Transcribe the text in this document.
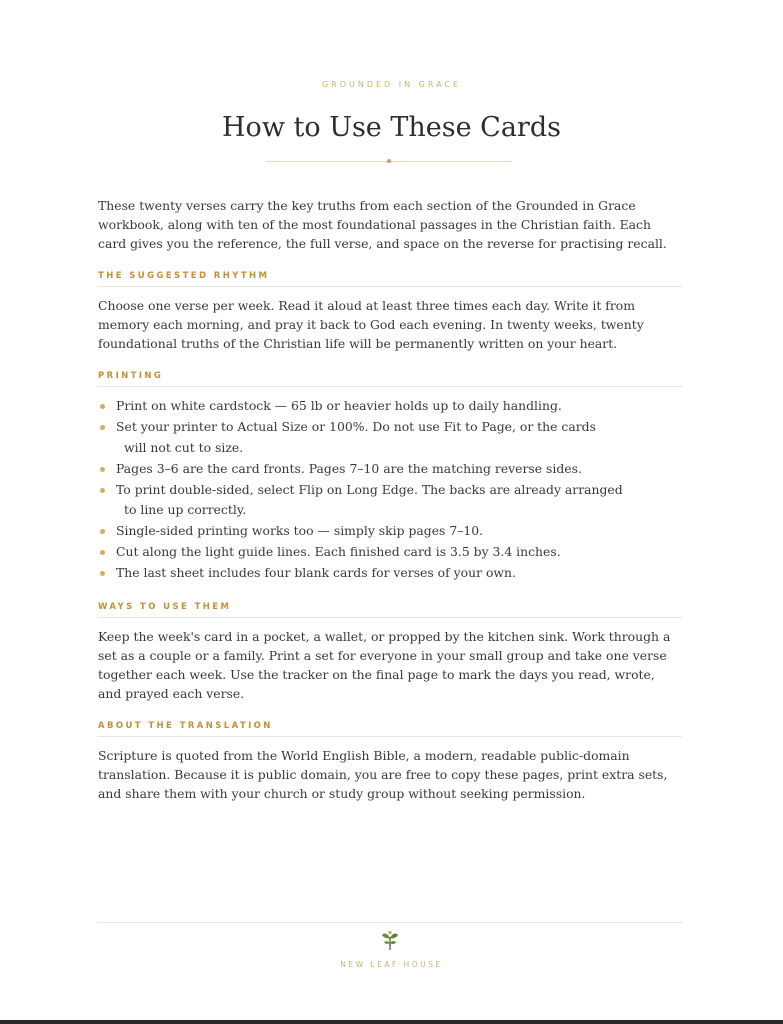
GROUNDED IN GRACE
How to Use These Cards

These twenty verses carry the key truths from each section of the Grounded in Grace workbook, along with ten of the most foundational passages in the Christian faith. Each card gives you the reference, the full verse, and space on the reverse for practising recall.

THE SUGGESTED RHYTHM

Choose one verse per week. Read it aloud at least three times each day. Write it from memory each morning, and pray it back to God each evening. In twenty weeks, twenty foundational truths of the Christian life will be permanently written on your heart.

PRINTING
Print on white cardstock — 65 lb or heavier holds up to daily handling.
Set your printer to Actual Size or 100%. Do not use Fit to Page, or the cards
will not cut to size.
Pages 3–6 are the card fronts. Pages 7–10 are the matching reverse sides.
To print double-sided, select Flip on Long Edge. The backs are already arranged
to line up correctly.
Single-sided printing works too — simply skip pages 7–10.
Cut along the light guide lines. Each finished card is 3.5 by 3.4 inches.
The last sheet includes four blank cards for verses of your own.
WAYS TO USE THEM

Keep the week's card in a pocket, a wallet, or propped by the kitchen sink. Work through a set as a couple or a family. Print a set for everyone in your small group and take one verse together each week. Use the tracker on the final page to mark the days you read, wrote, and prayed each verse.

ABOUT THE TRANSLATION

Scripture is quoted from the World English Bible, a modern, readable public-domain translation. Because it is public domain, you are free to copy these pages, print extra sets, and share them with your church or study group without seeking permission.

NEW LEAF HOUSE
